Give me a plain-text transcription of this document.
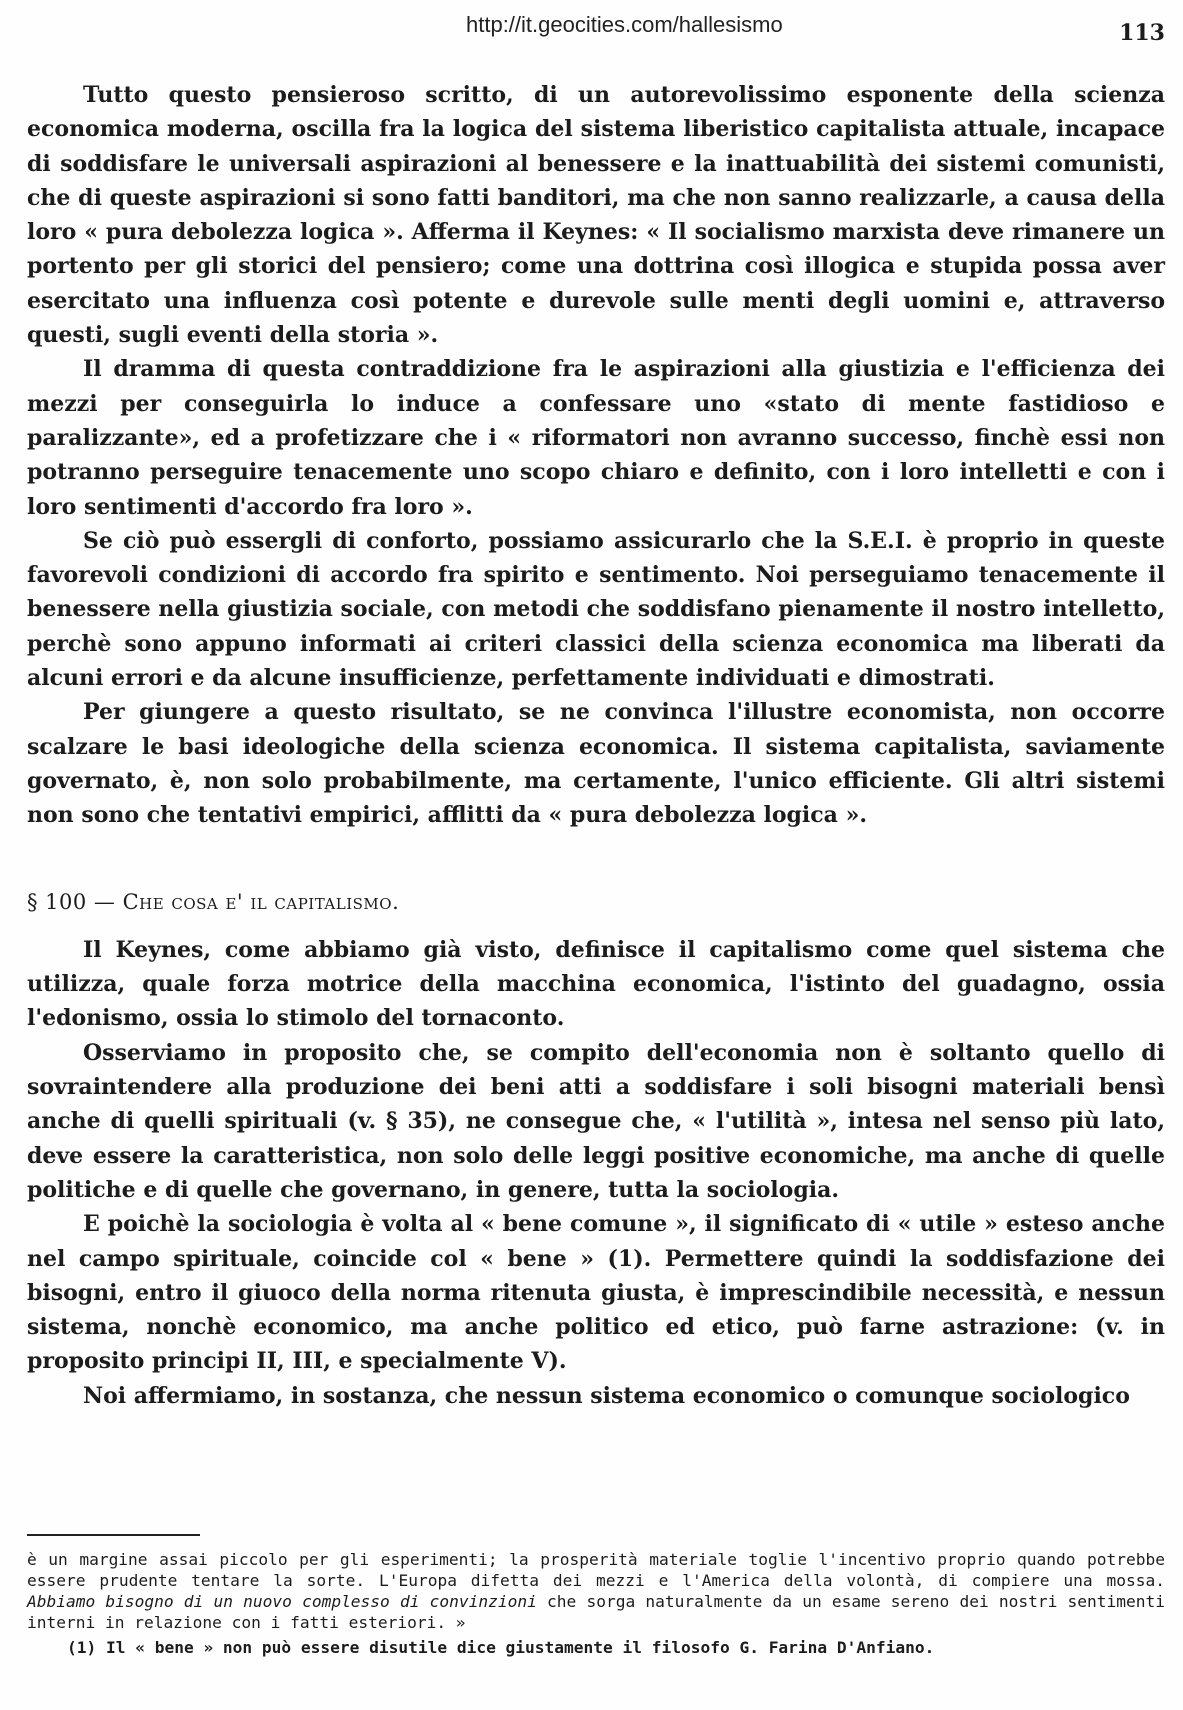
http://it.geocities.com/hallesismo	113

Tutto questo pensieroso scritto, di un autorevolissimo esponente della scienza economica moderna, oscilla fra la logica del sistema liberistico capitalista attuale, incapace di soddisfare le universali aspirazioni al benessere e la inattuabilità dei sistemi comunisti, che di queste aspirazioni si sono fatti banditori, ma che non sanno realizzarle, a causa della loro « pura debolezza logica ». Afferma il Keynes: « Il socialismo marxista deve rimanere un portento per gli storici del pensiero; come una dottrina così illogica e stupida possa aver esercitato una influenza così potente e durevole sulle menti degli uomini e, attraverso questi, sugli eventi della storia ».

Il dramma di questa contraddizione fra le aspirazioni alla giustizia e l'efficienza dei mezzi per conseguirla lo induce a confessare uno «stato di mente fastidioso e paralizzante», ed a profetizzare che i « riformatori non avranno successo, finchè essi non potranno perseguire tenacemente uno scopo chiaro e definito, con i loro intelletti e con i loro sentimenti d'accordo fra loro ».

Se ciò può essergli di conforto, possiamo assicurarlo che la S.E.I. è proprio in queste favorevoli condizioni di accordo fra spirito e sentimento. Noi perseguiamo tenacemente il benessere nella giustizia sociale, con metodi che soddisfano pienamente il nostro intelletto, perchè sono appuno informati ai criteri classici della scienza economica ma liberati da alcuni errori e da alcune insufficienze, perfettamente individuati e dimostrati.

Per giungere a questo risultato, se ne convinca l'illustre economista, non occorre scalzare le basi ideologiche della scienza economica. Il sistema capitalista, saviamente governato, è, non solo probabilmente, ma certamente, l'unico efficiente. Gli altri sistemi non sono che tentativi empirici, afflitti da « pura debolezza logica ».

§ 100 — Che cosa e' il capitalismo.

Il Keynes, come abbiamo già visto, definisce il capitalismo come quel sistema che utilizza, quale forza motrice della macchina economica, l'istinto del guadagno, ossia l'edonismo, ossia lo stimolo del tornaconto.

Osserviamo in proposito che, se compito dell'economia non è soltanto quello di sovraintendere alla produzione dei beni atti a soddisfare i soli bisogni materiali bensì anche di quelli spirituali (v. § 35), ne consegue che, « l'utilità », intesa nel senso più lato, deve essere la caratteristica, non solo delle leggi positive economiche, ma anche di quelle politiche e di quelle che governano, in genere, tutta la sociologia.

E poichè la sociologia è volta al « bene comune », il significato di « utile » esteso anche nel campo spirituale, coincide col « bene » (1). Permettere quindi la soddisfazione dei bisogni, entro il giuoco della norma ritenuta giusta, è imprescindibile necessità, e nessun sistema, nonchè economico, ma anche politico ed etico, può farne astrazione: (v. in proposito principi II, III, e specialmente V).

Noi affermiamo, in sostanza, che nessun sistema economico o comunque sociologico

è un margine assai piccolo per gli esperimenti; la prosperità materiale toglie l'incentivo proprio quando potrebbe essere prudente tentare la sorte. L'Europa difetta dei mezzi e l'America della volontà, di compiere una mossa. Abbiamo bisogno di un nuovo complesso di convinzioni che sorga naturalmente da un esame sereno dei nostri sentimenti interni in relazione con i fatti esteriori. »

(1) Il « bene » non può essere disutile dice giustamente il filosofo G. Farina D'Anfiano.
